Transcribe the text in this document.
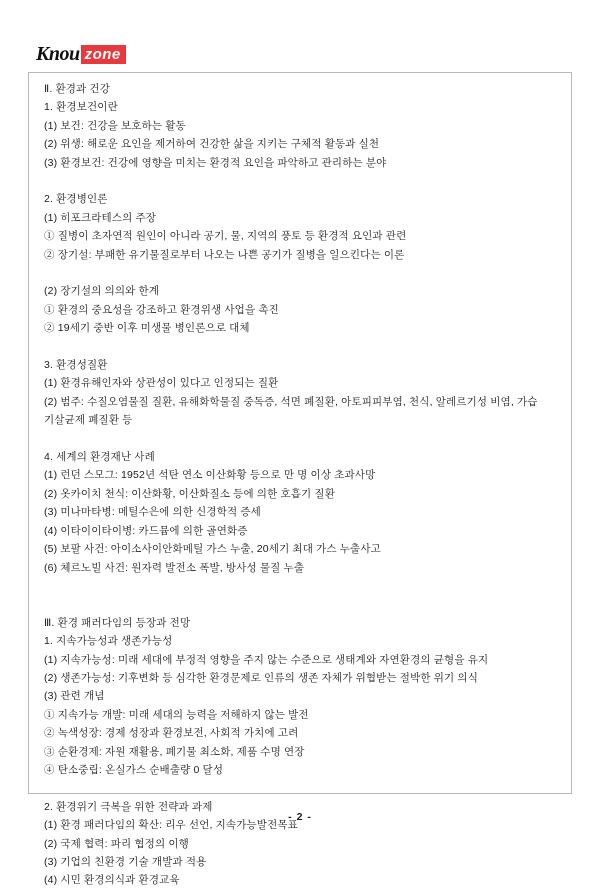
K nou zone
Ⅱ. 환경과 건강
1. 환경보건이란
(1) 보건: 건강을 보호하는 활동
(2) 위생: 해로운 요인을 제거하여 건강한 삶을 지키는 구체적 활동과 실천
(3) 환경보건: 건강에 영향을 미치는 환경적 요인을 파악하고 관리하는 분야
2. 환경병인론
(1) 히포크라테스의 주장
① 질병이 초자연적 원인이 아니라 공기, 물, 지역의 풍토 등 환경적 요인과 관련
② 장기설: 부패한 유기물질로부터 나오는 나쁜 공기가 질병을 일으킨다는 이론
(2) 장기설의 의의와 한계
① 환경의 중요성을 강조하고 환경위생 사업을 촉진
② 19세기 중반 이후 미생물 병인론으로 대체
3. 환경성질환
(1) 환경유해인자와 상관성이 있다고 인정되는 질환
(2) 범주: 수질오염물질 질환, 유해화학물질 중독증, 석면 폐질환, 아토피피부염, 천식, 알레르기성 비염, 가습
기살균제 폐질환 등
4. 세계의 환경재난 사례
(1) 런던 스모그: 1952년 석탄 연소 이산화황 등으로 만 명 이상 초과사망
(2) 옷카이치 천식: 이산화황, 이산화질소 등에 의한 호흡기 질환
(3) 미나마타병: 메틸수은에 의한 신경학적 증세
(4) 이타이이타이병: 카드뮴에 의한 골연화증
(5) 보팔 사건: 아이소사이안화메틸 가스 누출, 20세기 최대 가스 누출사고
(6) 체르노빌 사건: 원자력 발전소 폭발, 방사성 물질 누출
Ⅲ. 환경 패러다임의 등장과 전망
1. 지속가능성과 생존가능성
(1) 지속가능성: 미래 세대에 부정적 영향을 주지 않는 수준으로 생태계와 자연환경의 균형을 유지
(2) 생존가능성: 기후변화 등 심각한 환경문제로 인류의 생존 자체가 위협받는 절박한 위기 의식
(3) 관련 개념
① 지속가능 개발: 미래 세대의 능력을 저해하지 않는 발전
② 녹색성장: 경제 성장과 환경보전, 사회적 가치에 고려
③ 순환경제: 자원 재활용, 폐기물 최소화, 제품 수명 연장
④ 탄소중립: 온실가스 순배출량 0 달성
2. 환경위기 극복을 위한 전략과 과제
(1) 환경 패러다임의 확산: 리우 선언, 지속가능발전목표
(2) 국제 협력: 파리 협정의 이행
(3) 기업의 친환경 기술 개발과 적용
(4) 시민 환경의식과 환경교육
- 2 -
